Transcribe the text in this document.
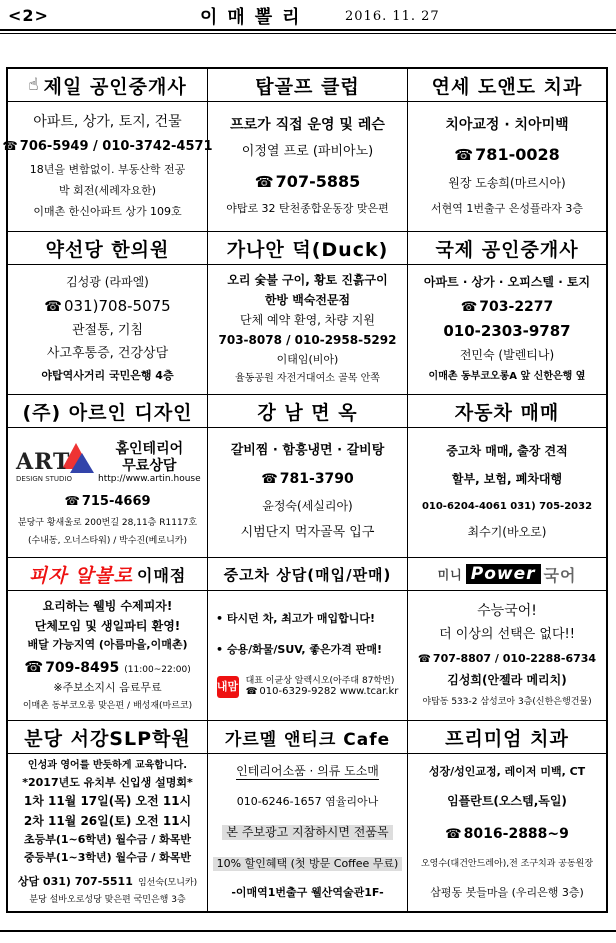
<2>	이매뽈리	2016. 11. 27
☝ 제일 공인중개사
아파트, 상가, 토지, 건물
☎ 706-5949 / 010-3742-4571
18년을 변함없이. 부동산학 전공
박 회전(세례자요한)
이매촌 한신아파트 상가 109호
탑골프 클럽
프로가 직접 운영 및 레슨
이정열 프로 (파비아노)
☎ 707-5885
야탑로 32 탄천종합운동장 맞은편
연세 도앤도 치과
치아교정 · 치아미백
☎ 781-0028
원장 도송희(마르시아)
서현역 1번출구 은성플라자 3층
약선당 한의원
김성광 (라파엘)
☎ 031)708-5075
관절통, 기침
사고후통증, 건강상담
야탑역사거리 국민은행 4층
가나안 덕(Duck)
오리 숯불 구이, 황토 진흙구이
한방 백숙전문점
단체 예약 환영, 차량 지원
703-8078 / 010-2958-5292
이태임(비아)
율동공원 자전거대여소 골목 안쪽
국제 공인중개사
아파트 · 상가 · 오피스텔 · 토지
☎ 703-2277
010-2303-9787
전민숙 (발렌티나)
이매촌 동부코오롱A 앞 신한은행 옆
(주) 아르인 디자인
ART
DESIGN STUDIO
홈인테리어
무료상담
http://www.artin.house
☎ 715-4669
분당구 황새울로 200번길 28,11층 R1117호
(수내동, 오너스타워) / 박수진(베로니카)
강 남 면 옥
갈비찜 · 함흥냉면 · 갈비탕
☎ 781-3790
윤정숙(세실리아)
시범단지 먹자골목 입구
자동차 매매
중고차 매매, 출장 견적
할부, 보험, 폐차대행
010-6204-4061 031) 705-2032
최수기(바오로)
피자 알볼로 이매점
요리하는 웰빙 수제피자!
단체모임 및 생일파티 환영!
배달 가능지역 (아름마을,이매촌)
☎ 709-8495 (11:00~22:00)
※주보소지시 음료무료
이매촌 동부코오롱 맞은편 / 배성재(마르코)
중고차 상담(매입/판매)
• 타시던 차, 최고가 매입합니다!
• 승용/화물/SUV, 좋은가격 판매!
내맘카
대표 이균상 알렉시오(아주대 87학번)
☎ 010-6329-9282 www.tcar.kr
미니 Power 국어
수능국어!
더 이상의 선택은 없다!!
☎ 707-8807 / 010-2288-6734
김성희(안젤라 메리치)
야탑동 533-2 삼성코아 3층(신한은행건물)
분당 서강SLP학원
인성과 영어를 반듯하게 교육합니다.
*2017년도 유치부 신입생 설명회*
1차 11월 17일(목) 오전 11시
2차 11월 26일(토) 오전 11시
초등부(1~6학년) 월수금 / 화목반
중등부(1~3학년) 월수금 / 화목반
상담 031) 707-5511 임선숙(모니카)
분당 설바오로성당 맞은편 국민은행 3층
가르멜 앤티크 Cafe
인테리어소품 · 의류 도소매
010-6246-1657 염율리아나
본 주보광고 지참하시면 전품목
10% 할인혜택 (첫 방문 Coffee 무료)
-이매역1번출구 웰산역술관1F-
프리미엄 치과
성장/성인교정, 레이저 미백, CT
임플란트(오스템,독일)
☎ 8016-2888~9
오영수(대건안드레아),전 조구치과 공동원장
삼평동 봇들마을 (우리은행 3층)
